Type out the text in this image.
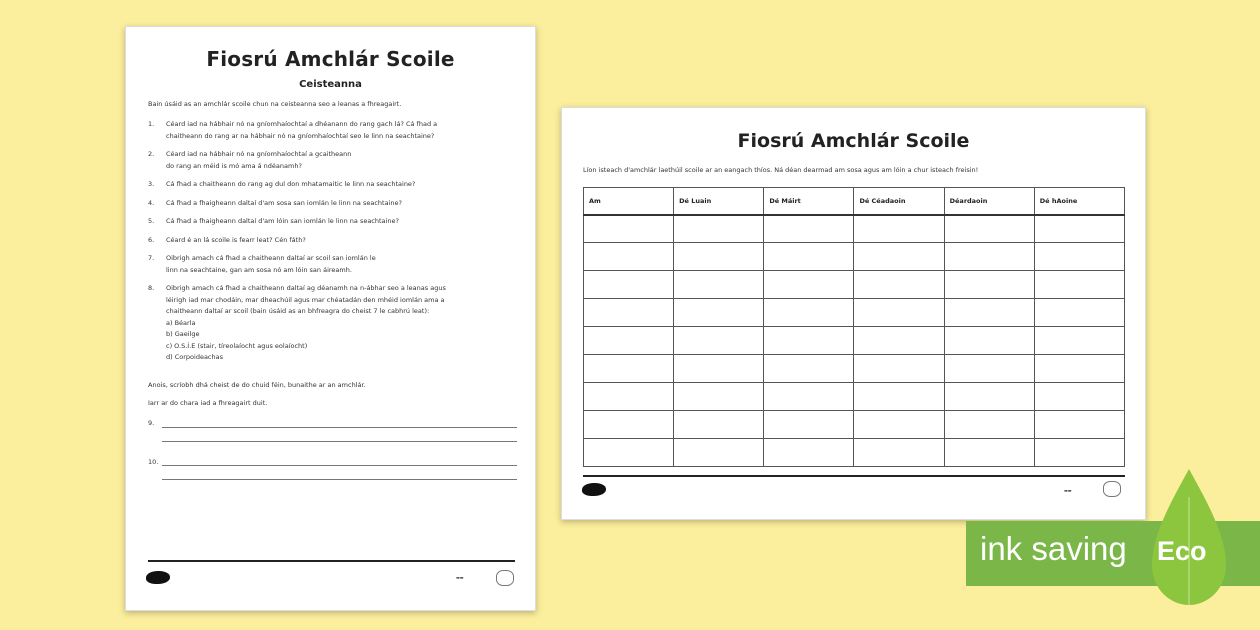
Fiosrú Amchlár Scoile
Ceisteanna
Bain úsáid as an amchlár scoile chun na ceisteanna seo a leanas a fhreagairt.
1. Céard iad na hábhair nó na gníomhaíochtaí a dhéanann do rang gach lá? Cá fhad a
chaitheann do rang ar na hábhair nó na gníomhaíochtaí seo le linn na seachtaine?
2. Céard iad na hábhair nó na gníomhaíochtaí a gcaitheann
do rang an méid is mó ama á ndéanamh?
3. Cá fhad a chaitheann do rang ag dul don mhatamaitic le linn na seachtaine?
4. Cá fhad a fhaigheann daltaí d'am sosa san iomlán le linn na seachtaine?
5. Cá fhad a fhaigheann daltaí d'am lóin san iomlán le linn na seachtaine?
6. Céard é an lá scoile is fearr leat? Cén fáth?
7. Oibrigh amach cá fhad a chaitheann daltaí ar scoil san iomlán le
linn na seachtaine, gan am sosa nó am lóin san áireamh.
8. Oibrigh amach cá fhad a chaitheann daltaí ag déanamh na n-ábhar seo a leanas agus
léirigh iad mar chodáin, mar dheachúil agus mar chéatadán den mhéid iomlán ama a
chaitheann daltaí ar scoil (bain úsáid as an bhfreagra do cheist 7 le cabhrú leat):
a) Béarla
b) Gaeilge
c) O.S.Í.E (stair, tíreolaíocht agus eolaíocht)
d) Corpoideachas
Anois, scríobh dhá cheist de do chuid féin, bunaithe ar an amchlár.
Iarr ar do chara iad a fhreagairt duit.
9.
10.
▬▬
Fiosrú Amchlár Scoile
Líon isteach d'amchlár laethúil scoile ar an eangach thíos. Ná déan dearmad am sosa agus am lóin a chur isteach freisin!
Am	Dé Luain	Dé Máirt	Dé Céadaoin	Déardaoin	Dé hAoine

▬▬
ink saving Eco
